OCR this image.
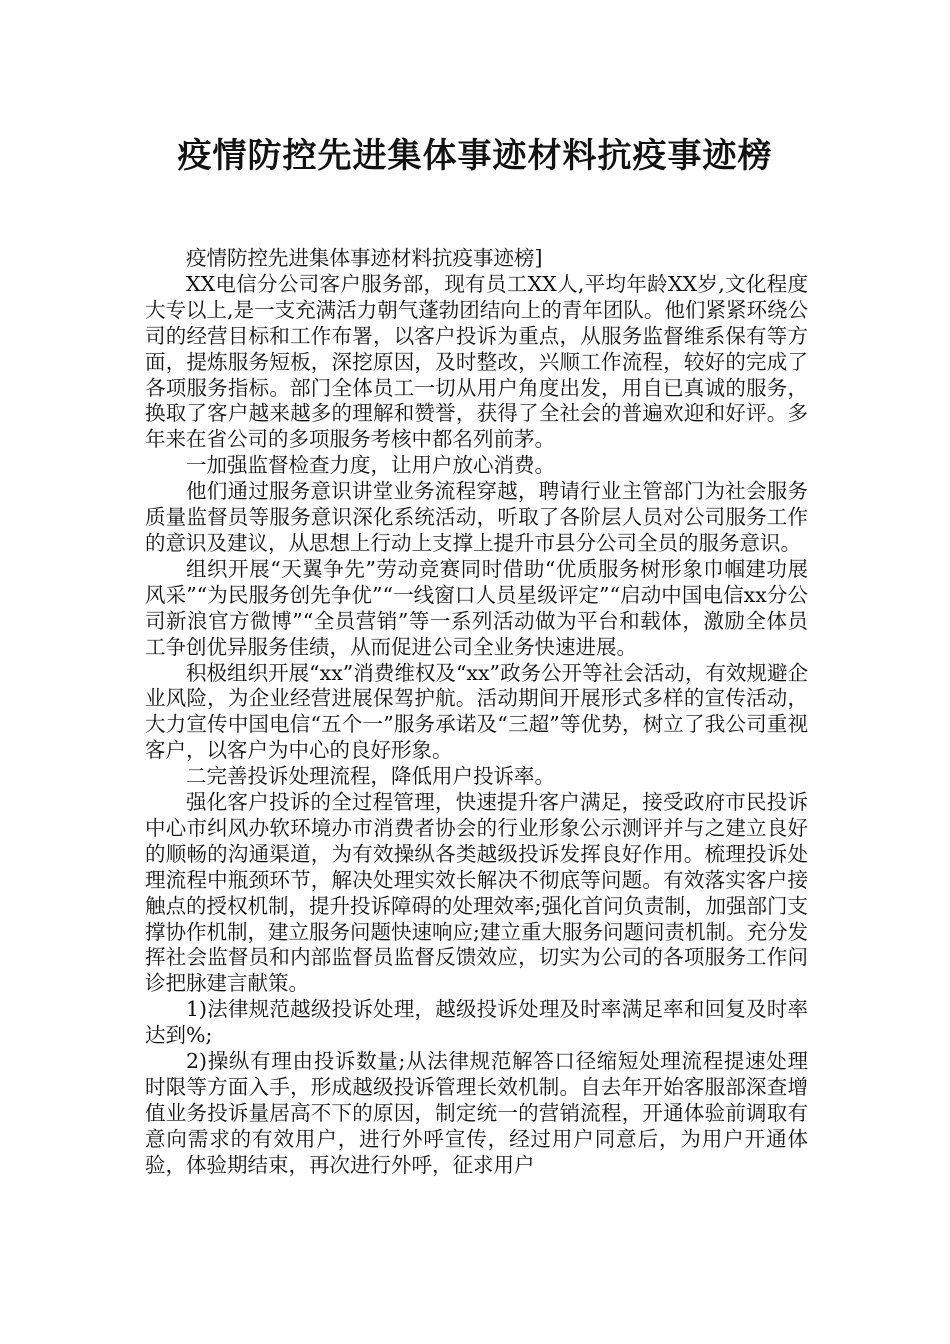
疫情防控先进集体事迹材料抗疫事迹榜

疫情防控先进集体事迹材料抗疫事迹榜]

XX电信分公司客户服务部，现有员工XX人,平均年龄XX岁,文化程度大专以上,是一支充满活力朝气蓬勃团结向上的青年团队。他们紧紧环绕公司的经营目标和工作布署，以客户投诉为重点，从服务监督维系保有等方面，提炼服务短板，深挖原因，及时整改，兴顺工作流程，较好的完成了各项服务指标。部门全体员工一切从用户角度出发，用自已真诚的服务，换取了客户越来越多的理解和赞誉，获得了全社会的普遍欢迎和好评。多年来在省公司的多项服务考核中都名列前茅。

一加强监督检查力度，让用户放心消费。

他们通过服务意识讲堂业务流程穿越，聘请行业主管部门为社会服务质量监督员等服务意识深化系统活动，听取了各阶层人员对公司服务工作的意识及建议，从思想上行动上支撑上提升市县分公司全员的服务意识。

组织开展“天翼争先”劳动竞赛同时借助“优质服务树形象巾帼建功展风采”“为民服务创先争优”“一线窗口人员星级评定”“启动中国电信xx分公司新浪官方微博”“全员营销”等一系列活动做为平台和载体，激励全体员工争创优异服务佳绩，从而促进公司全业务快速进展。

积极组织开展“xx”消费维权及“xx”政务公开等社会活动，有效规避企业风险，为企业经营进展保驾护航。活动期间开展形式多样的宣传活动，大力宣传中国电信“五个一”服务承诺及“三超”等优势，树立了我公司重视客户，以客户为中心的良好形象。

二完善投诉处理流程，降低用户投诉率。

强化客户投诉的全过程管理，快速提升客户满足，接受政府市民投诉中心市纠风办软环境办市消费者协会的行业形象公示测评并与之建立良好的顺畅的沟通渠道，为有效操纵各类越级投诉发挥良好作用。梳理投诉处理流程中瓶颈环节，解决处理实效长解决不彻底等问题。有效落实客户接触点的授权机制，提升投诉障碍的处理效率;强化首问负责制，加强部门支撑协作机制，建立服务问题快速响应;建立重大服务问题问责机制。充分发挥社会监督员和内部监督员监督反馈效应，切实为公司的各项服务工作问诊把脉建言献策。

1)法律规范越级投诉处理，越级投诉处理及时率满足率和回复及时率达到%;

2)操纵有理由投诉数量;从法律规范解答口径缩短处理流程提速处理时限等方面入手，形成越级投诉管理长效机制。自去年开始客服部深查增值业务投诉量居高不下的原因，制定统一的营销流程，开通体验前调取有意向需求的有效用户，进行外呼宣传，经过用户同意后，为用户开通体验，体验期结束，再次进行外呼，征求用户
